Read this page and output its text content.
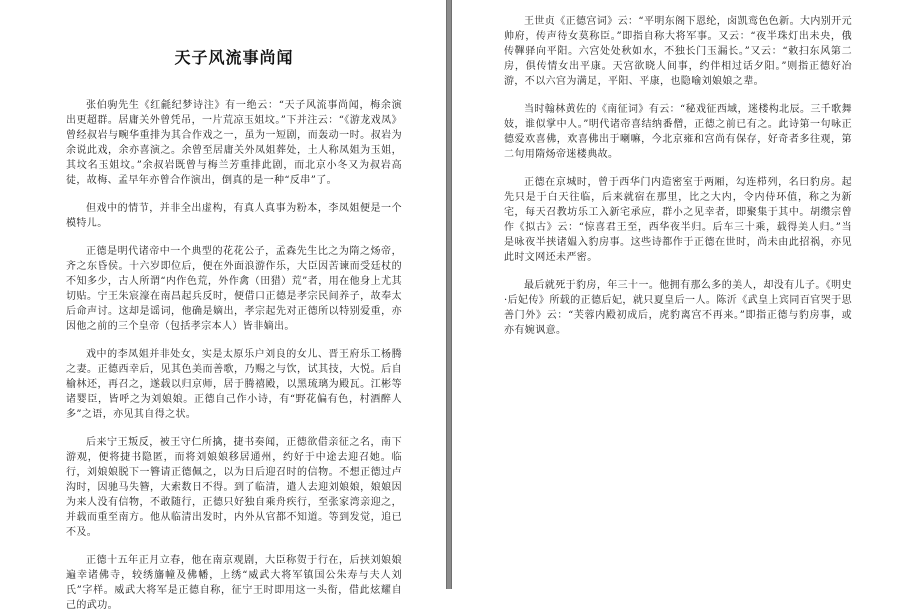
天子风流事尚闻

张伯驹先生《红毹纪梦诗注》有一绝云：“天子风流事尚闻，梅余演出更超群。居庸关外曾凭吊，一片荒凉玉姐坟。”下并注云：“《游龙戏凤》曾经叔岩与畹华重排为其合作戏之一，虽为一短剧，而轰动一时。叔岩为余说此戏，余亦喜演之。余曾至居庸关外凤姐葬处，土人称凤姐为玉姐，其坟名玉姐坟。”余叔岩既曾与梅兰芳重排此剧，而北京小冬又为叔岩高徒，故梅、孟早年亦曾合作演出，倒真的是一种“反串”了。

但戏中的情节，并非全出虚构，有真人真事为粉本，李凤姐便是一个模特儿。

正德是明代诸帝中一个典型的花花公子，孟森先生比之为隋之炀帝，齐之东昏侯。十六岁即位后，便在外面浪游作乐，大臣因苦谏而受廷杖的不知多少，古人所谓“内作色荒，外作禽（田猎）荒”者，用在他身上尤其切贴。宁王朱宸濠在南昌起兵反时，便借口正德是孝宗民间养子，故奉太后命声讨。这却是谣词，他确是嫡出，孝宗起先对正德所以特别爱重，亦因他之前的三个皇帝（包括孝宗本人）皆非嫡出。

戏中的李凤姐并非处女，实是太原乐户刘良的女儿、晋王府乐工杨腾之妻。正德西幸后，见其色美而善歌，乃赐之与饮，试其技，大悦。后自榆林还，再召之，遂载以归京师，居于腾禧殿，以黑琉璃为殿瓦。江彬等诸婴臣，皆呼之为刘娘娘。正德自己作小诗，有“野花偏有色，村酒醉人多”之语，亦见其自得之状。

后来宁王叛反，被王守仁所擒，捷书奏闻，正德欲借亲征之名，南下游观，便将捷书隐匿，而将刘娘娘移居通州，约好于中途去迎召她。临行，刘娘娘脱下一簪请正德佩之，以为日后迎召时的信物。不想正德过卢沟时，因驰马失簪，大索数日不得。到了临清，遣人去迎刘娘娘，娘娘因为来人没有信物，不敢随行，正德只好独自乘舟疾行，至张家湾亲迎之，并载而重至南方。他从临清出发时，内外从官都不知道。等到发觉，追已不及。

正德十五年正月立春，他在南京观剧，大臣称贺于行在，后挟刘娘娘遍幸诸佛寺，较绣旛幢及佛幡，上绣“威武大将军镇国公朱寿与夫人刘氏”字样。威武大将军是正德自称，征宁王时即用这一头衔，借此炫耀自己的武功。

王世贞《正德宫词》云：“平明东阁下恩纶，卤凯鸾色色新。大内别开元帅府，传声待女莫称臣。”即指自称大将军事。又云：“夜半珠灯出未央，俄传鞸驿向平阳。六宫处处秋如水，不独长门玉漏长。”又云：“敕扫东风第二房，俱传情女出平康。天宫欲晓人间事，约伴相过话夕阳。”则指正德好冶游，不以六宫为满足，平阳、平康，也隐喻刘娘娘之辈。

当时翰林黄佐的《南征词》有云：“秘戏征西域，迷楼构北辰。三千歌舞妓，谁似掌中人。”明代诸帝喜结纳番僧，正德之前已有之。此诗第一句咏正德爱欢喜佛，欢喜佛出于喇嘛，今北京雍和宫尚有保存，好奇者多往观，第二句用隋炀帝迷楼典故。

正德在京城时，曾于西华门内造密室于两厢，勾连栉列，名曰豹房。起先只是于白天往临，后来就宿在那里，比之大内，令内侍环值，称之为新宅，每天召教坊乐工入新宅承应，群小之见幸者，即聚集于其中。胡缵宗曾作《拟古》云：“惊喜君王至，西华夜半归。后车三十乘，载得美人归。”当是咏夜半挟诸媪入豹房事。这些诗都作于正德在世时，尚未由此招祸，亦见此时文网还未严密。

最后就死于豹房，年三十一。他拥有那么多的美人，却没有儿子。《明史·后妃传》所载的正德后妃，就只夏皇后一人。陈沂《武皇上宾同百官哭于思善门外》云：“芙蓉内殿初成后，虎豹离宫不再来。”即指正德与豹房事，或亦有婉讽意。
